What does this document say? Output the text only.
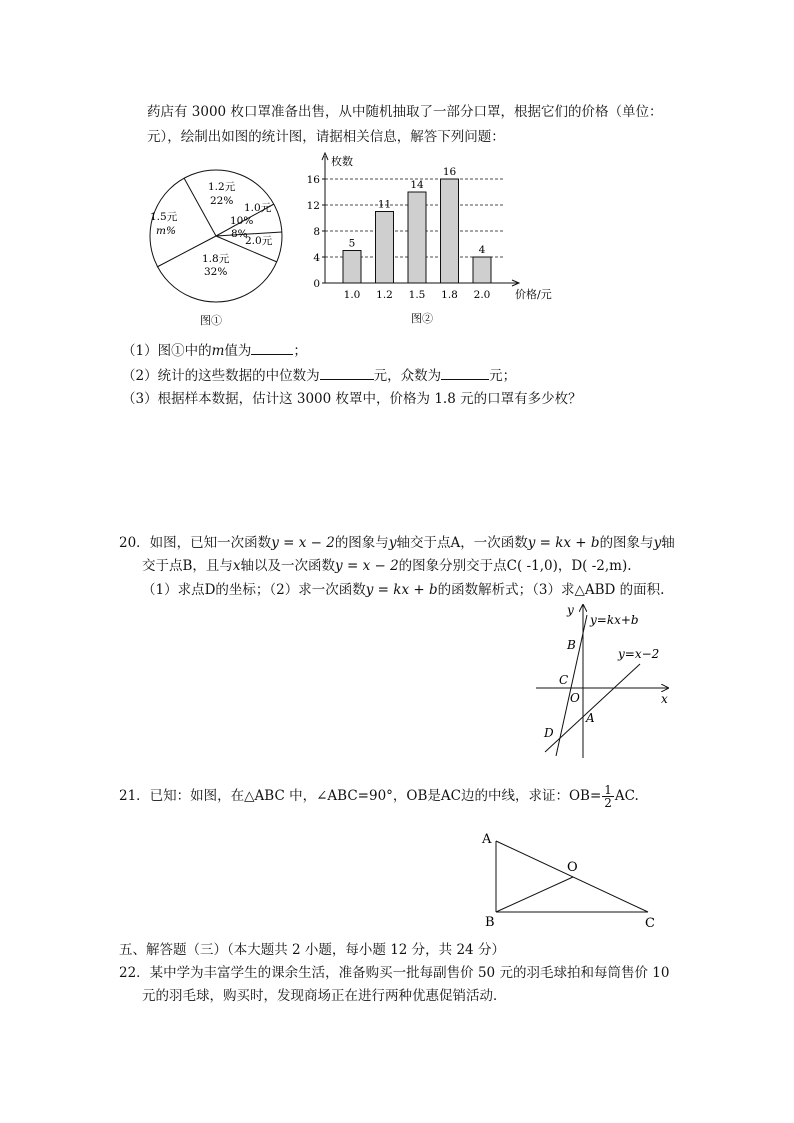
药店有 3000 枚口罩准备出售，从中随机抽取了一部分口罩，根据它们的价格（单位：
元），绘制出如图的统计图，请据相关信息，解答下列问题：
1.2元
22%
1.0元
10%
8%
2.0元
1.8元
32%
1.5元
m%
图①
0
4
8
12
16
枚数
价格/元
5
1.0
11
1.2
14
1.5
16
1.8
4
2.0
图②
（1）图①中的m值为	；
（2）统计的这些数据的中位数为	元，众数为	元；
（3）根据样本数据，估计这 3000 枚罩中，价格为 1.8 元的口罩有多少枚？
20．如图，已知一次函数y = x − 2的图象与y轴交于点A，一次函数y = kx + b的图象与y轴
交于点B，且与x轴以及一次函数y = x − 2的图象分别交于点C( -1,0)，D( -2,m).
（1）求点D的坐标；（2）求一次函数y = kx + b的函数解析式；（3）求△ABD 的面积.
y
x
y=kx+b
y=x−2
B
C
O
A
D
21．已知：如图，在△ABC 中，∠ABC=90°，OB是AC边的中线，求证：$OB= \frac{1}{2}$ AC.
A
O
B	C
五、解答题（三）（本大题共 2 小题，每小题 12 分，共 24 分）
22．某中学为丰富学生的课余生活，准备购买一批每副售价 50 元的羽毛球拍和每筒售价 10
元的羽毛球，购买时，发现商场正在进行两种优惠促销活动．
